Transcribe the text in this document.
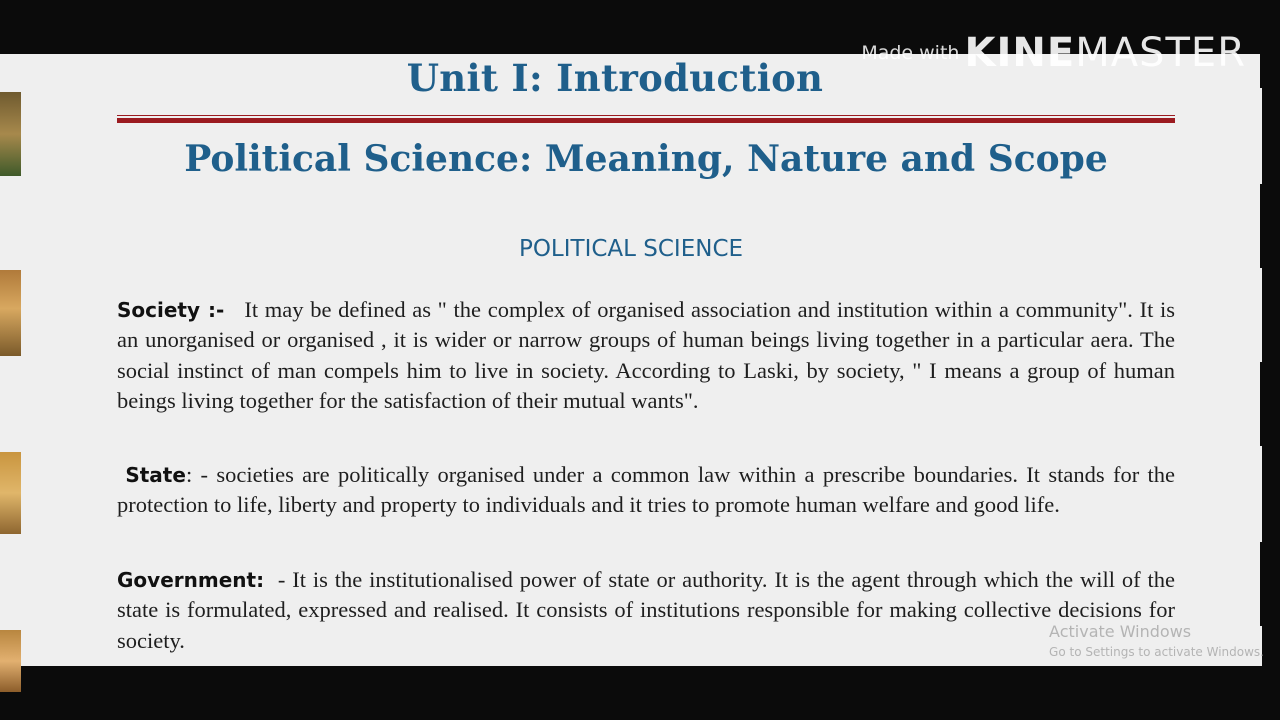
Unit I: Introduction
Political Science: Meaning, Nature and Scope
POLITICAL SCIENCE

Society :- It may be defined as " the complex of organised association and institution within a community". It is an unorganised or organised , it is wider or narrow groups of human beings living together in a particular aera. The social instinct of man compels him to live in society. According to Laski, by society, " I means a group of human beings living together for the satisfaction of their mutual wants".

State: - societies are politically organised under a common law within a prescribe boundaries. It stands for the protection to life, liberty and property to individuals and it tries to promote human welfare and good life.

Government:  - It is the institutionalised power of state or authority. It is the agent through which the will of the state is formulated, expressed and realised. It consists of institutions responsible for making collective decisions for society.

Made with KINEMASTER
Activate Windows
Go to Settings to activate Windows.
